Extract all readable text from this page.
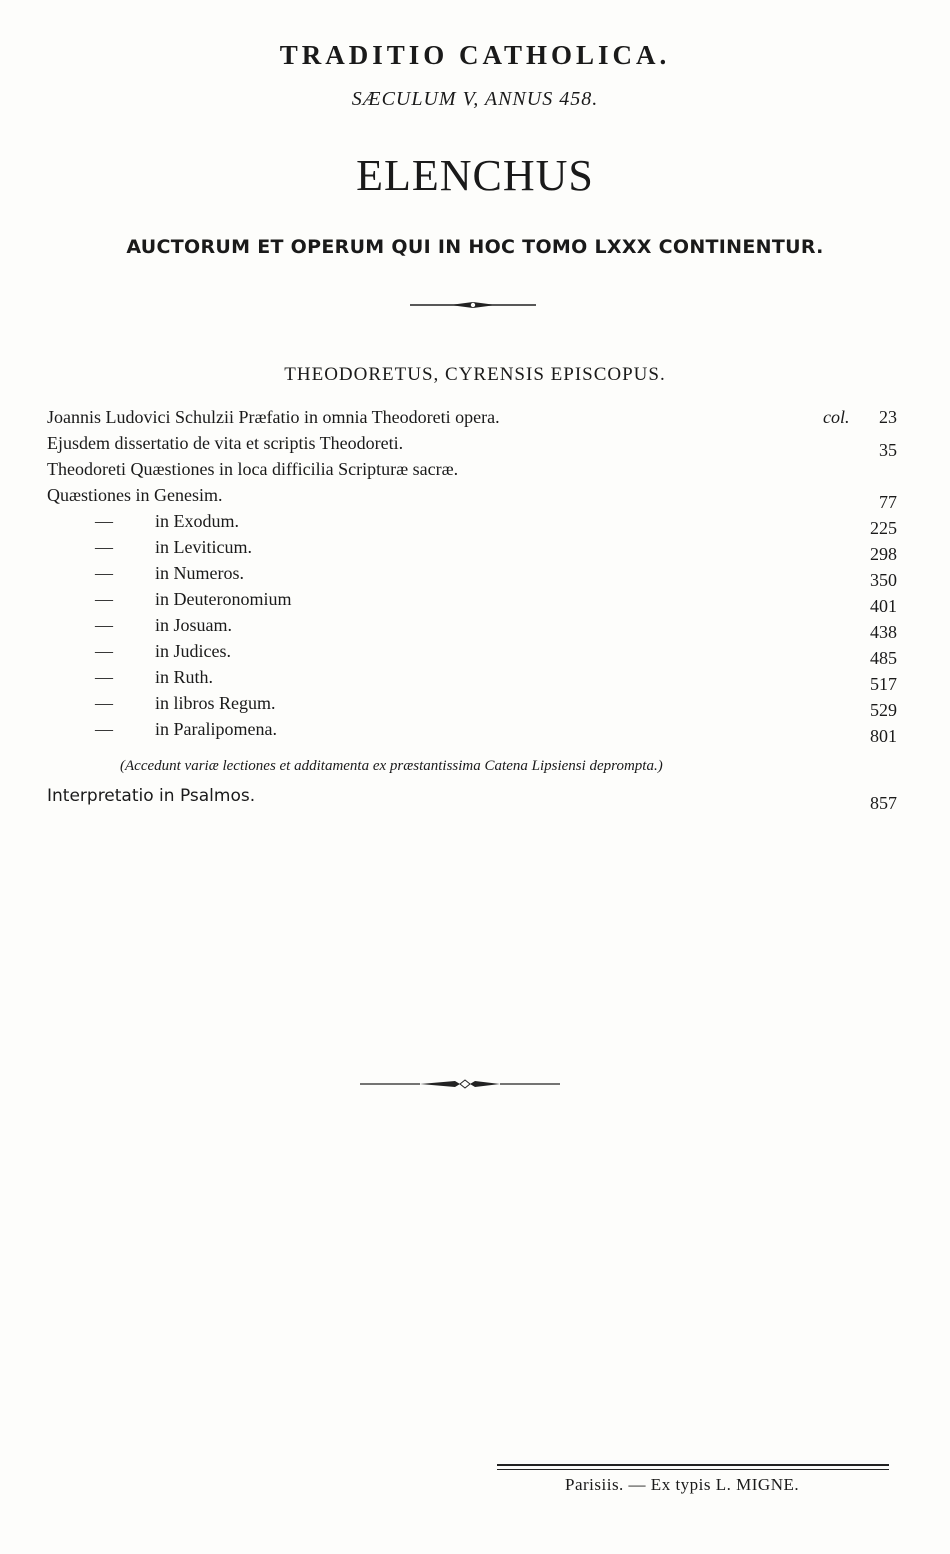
TRADITIO CATHOLICA.
SÆCULUM V, ANNUS 458.
ELENCHUS
AUCTORUM ET OPERUM QUI IN HOC TOMO LXXX CONTINENTUR.
THEODORETUS, CYRENSIS EPISCOPUS.
Joannis Ludovici Schulzii Præfatio in omnia Theodoreti opera.	col. 23
Ejusdem dissertatio de vita et scriptis Theodoreti.	35
Theodoreti Quæstiones in loca difficilia Scripturæ sacræ.
Quæstiones in Genesim.	77
— in Exodum.	225
— in Leviticum.	298
— in Numeros.	350
— in Deuteronomium	401
— in Josuam.	438
— in Judices.	485
— in Ruth.	517
— in libros Regum.	529
— in Paralipomena.	801
(Accedunt variæ lectiones et additamenta ex præstantissima Catena Lipsiensi deprompta.)
Interpretatio in Psalmos.	857
Parisiis. — Ex typis L. MIGNE.
